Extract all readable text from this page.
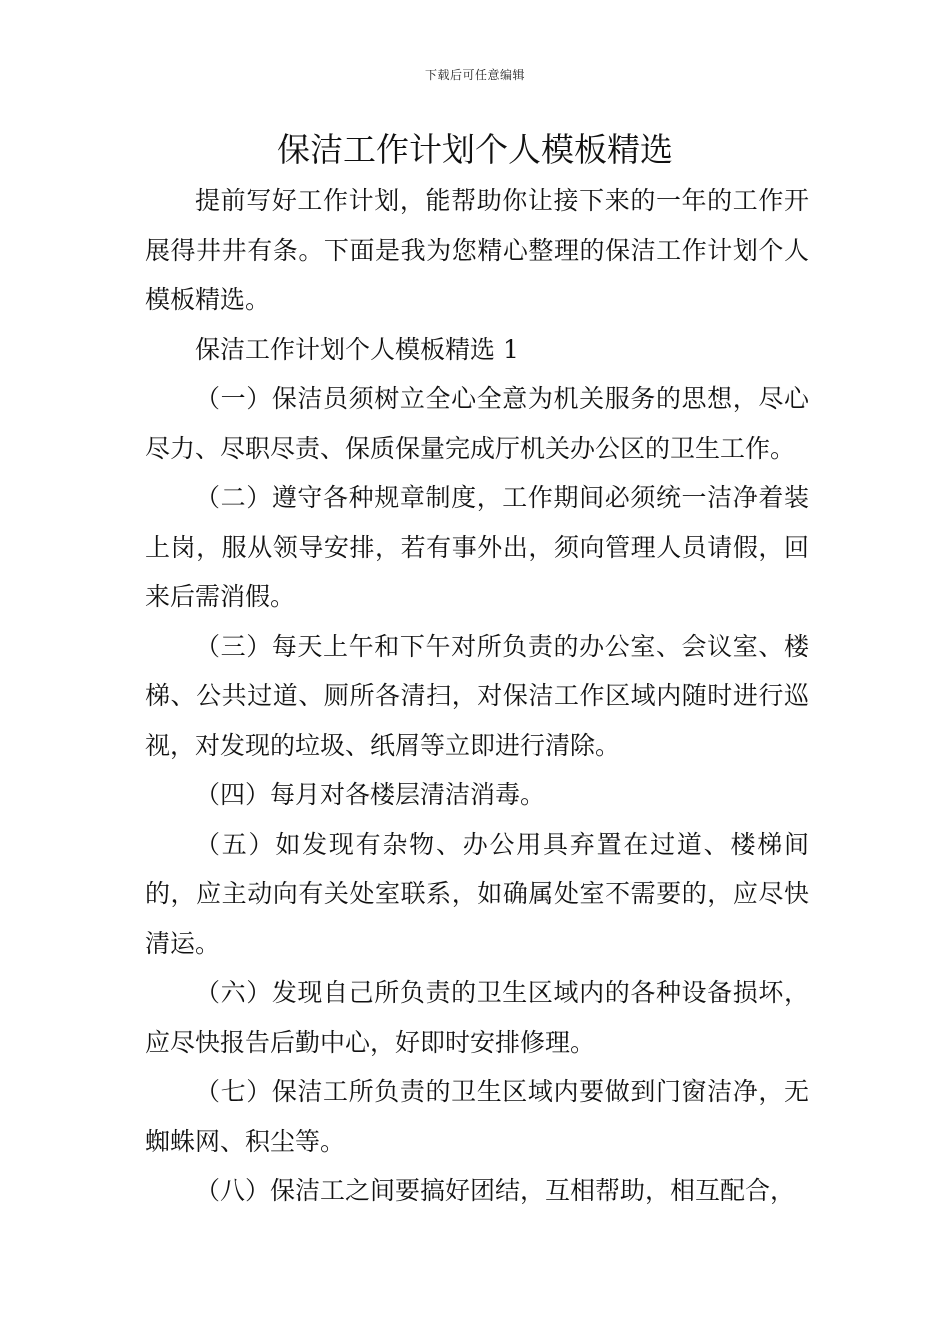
下载后可任意编辑
保洁工作计划个人模板精选

提前写好工作计划，能帮助你让接下来的一年的工作开展得井井有条。下面是我为您精心整理的保洁工作计划个人模板精选。

保洁工作计划个人模板精选 1

（一）保洁员须树立全心全意为机关服务的思想，尽心尽力、尽职尽责、保质保量完成厅机关办公区的卫生工作。

（二）遵守各种规章制度，工作期间必须统一洁净着装上岗，服从领导安排，若有事外出，须向管理人员请假，回来后需消假。

（三）每天上午和下午对所负责的办公室、会议室、楼梯、公共过道、厕所各清扫，对保洁工作区域内随时进行巡视，对发现的垃圾、纸屑等立即进行清除。

（四）每月对各楼层清洁消毒。

（五）如发现有杂物、办公用具弃置在过道、楼梯间的，应主动向有关处室联系，如确属处室不需要的，应尽快清运。

（六）发现自己所负责的卫生区域内的各种设备损坏，应尽快报告后勤中心，好即时安排修理。

（七）保洁工所负责的卫生区域内要做到门窗洁净，无蜘蛛网、积尘等。

（八）保洁工之间要搞好团结，互相帮助，相互配合，
